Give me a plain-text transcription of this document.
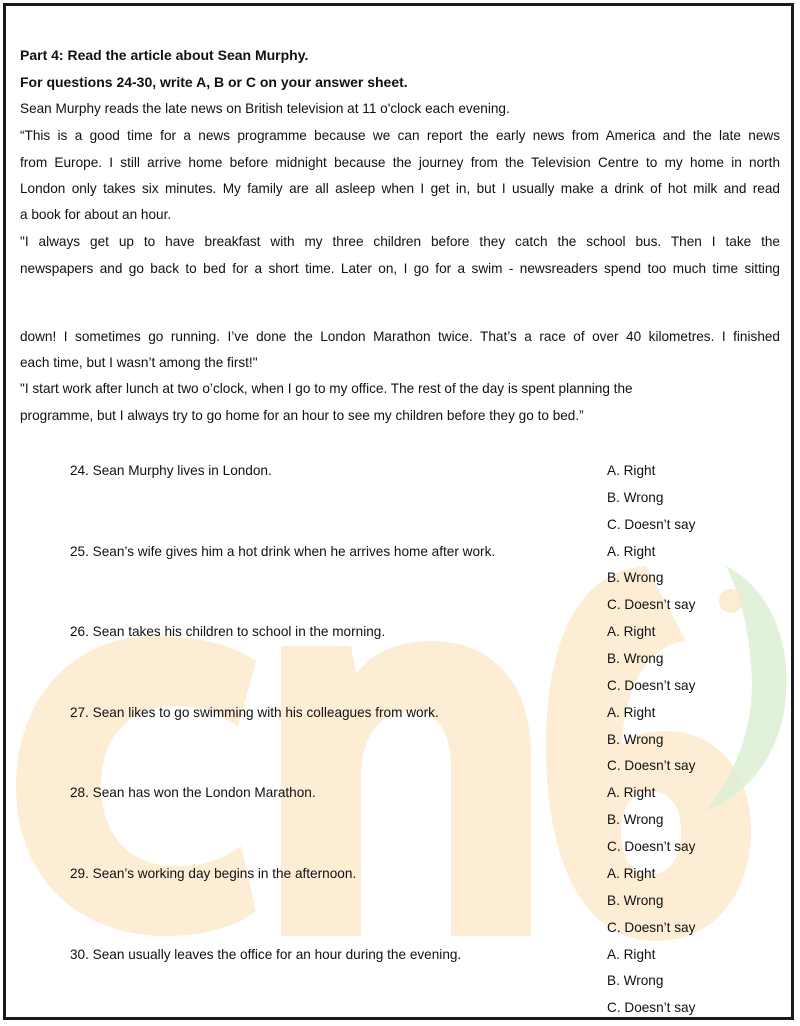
Part 4: Read the article about Sean Murphy.
For questions 24-30, write A, B or C on your answer sheet.
Sean Murphy reads the late news on British television at 11 o'clock each evening.
“This is a good time for a news programme because we can report the early news from America and the late news
from Europe. I still arrive home before midnight because the journey from the Television Centre to my home in north
London only takes six minutes. My family are all asleep when I get in, but I usually make a drink of hot milk and read
a book for about an hour.
"I always get up to have breakfast with my three children before they catch the school bus. Then I take the
newspapers and go back to bed for a short time. Later on, I go for a swim - newsreaders spend too much time sitting
down! I sometimes go running. I’ve done the London Marathon twice. That’s a race of over 40 kilometres. I finished
each time, but I wasn’t among the first!"
"I start work after lunch at two o’clock, when I go to my office. The rest of the day is spent planning the
programme, but I always try to go home for an hour to see my children before they go to bed.”
24. Sean Murphy lives in London.	A. Right
B. Wrong
C. Doesn’t say
25. Sean’s wife gives him a hot drink when he arrives home after work.	A. Right
B. Wrong
C. Doesn’t say
26. Sean takes his children to school in the morning.	A. Right
B. Wrong
C. Doesn’t say
27. Sean likes to go swimming with his colleagues from work.	A. Right
B. Wrong
C. Doesn’t say
28. Sean has won the London Marathon.	A. Right
B. Wrong
C. Doesn’t say
29. Sean’s working day begins in the afternoon.	A. Right
B. Wrong
C. Doesn’t say
30. Sean usually leaves the office for an hour during the evening.	A. Right
B. Wrong
C. Doesn’t say
